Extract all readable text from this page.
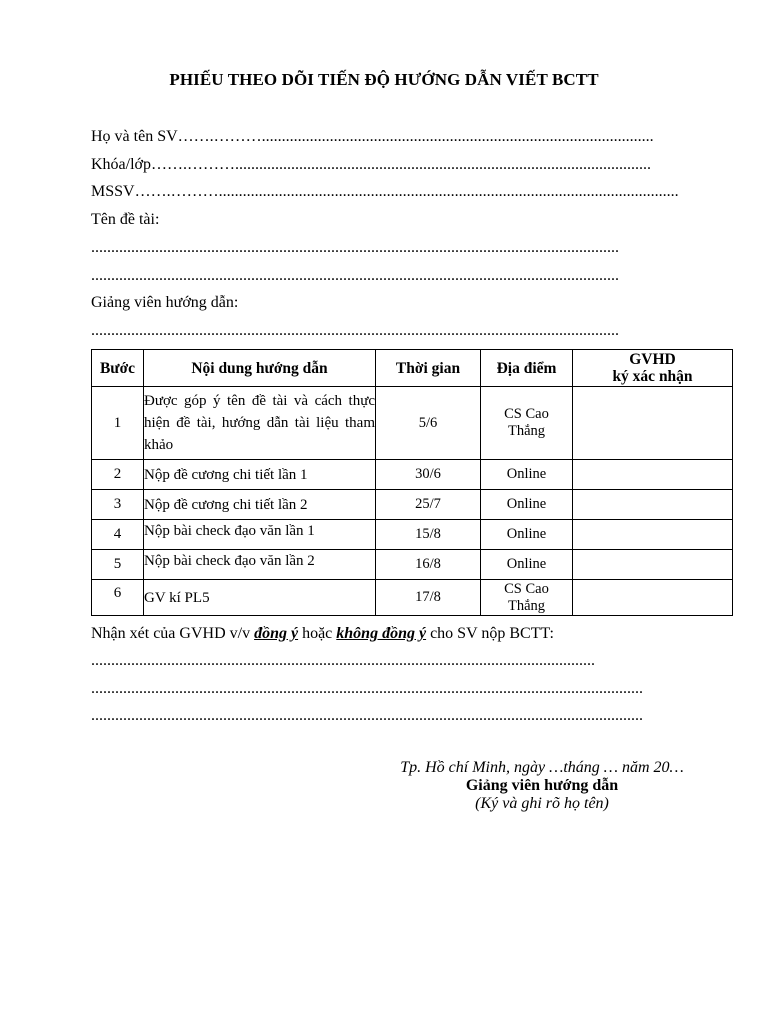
PHIẾU THEO DÕI TIẾN ĐỘ HƯỚNG DẪN VIẾT BCTT
Họ và tên SV…….………..................................................................................................
Khóa/lớp…….………........................................................................................................
MSSV…….………...................................................................................................................
Tên đề tài:
....................................................................................................................................
....................................................................................................................................
Giảng viên hướng dẫn:
....................................................................................................................................
Bước	Nội dung hướng dẫn	Thời gian	Địa điểm	GVHD
ký xác nhận

1	Được góp ý tên đề tài và cách thực hiện đề tài, hướng dẫn tài liệu tham khảo	5/6	CS Cao
Thắng	

2	Nộp đề cương chi tiết lần 1	30/6	Online	
3	Nộp đề cương chi tiết lần 2	25/7	Online	
4	Nộp bài check đạo văn lần 1	15/8	Online	
5	Nộp bài check đạo văn lần 2	16/8	Online	
6	GV kí PL5	17/8	CS Cao
Thắng	

Nhận xét của GVHD v/v đồng ý hoặc không đồng ý cho SV nộp BCTT:
..............................................................................................................................
..........................................................................................................................................
..........................................................................................................................................
Tp. Hồ chí Minh, ngày …tháng … năm 20…
Giảng viên hướng dẫn
(Ký và ghi rõ họ tên)
